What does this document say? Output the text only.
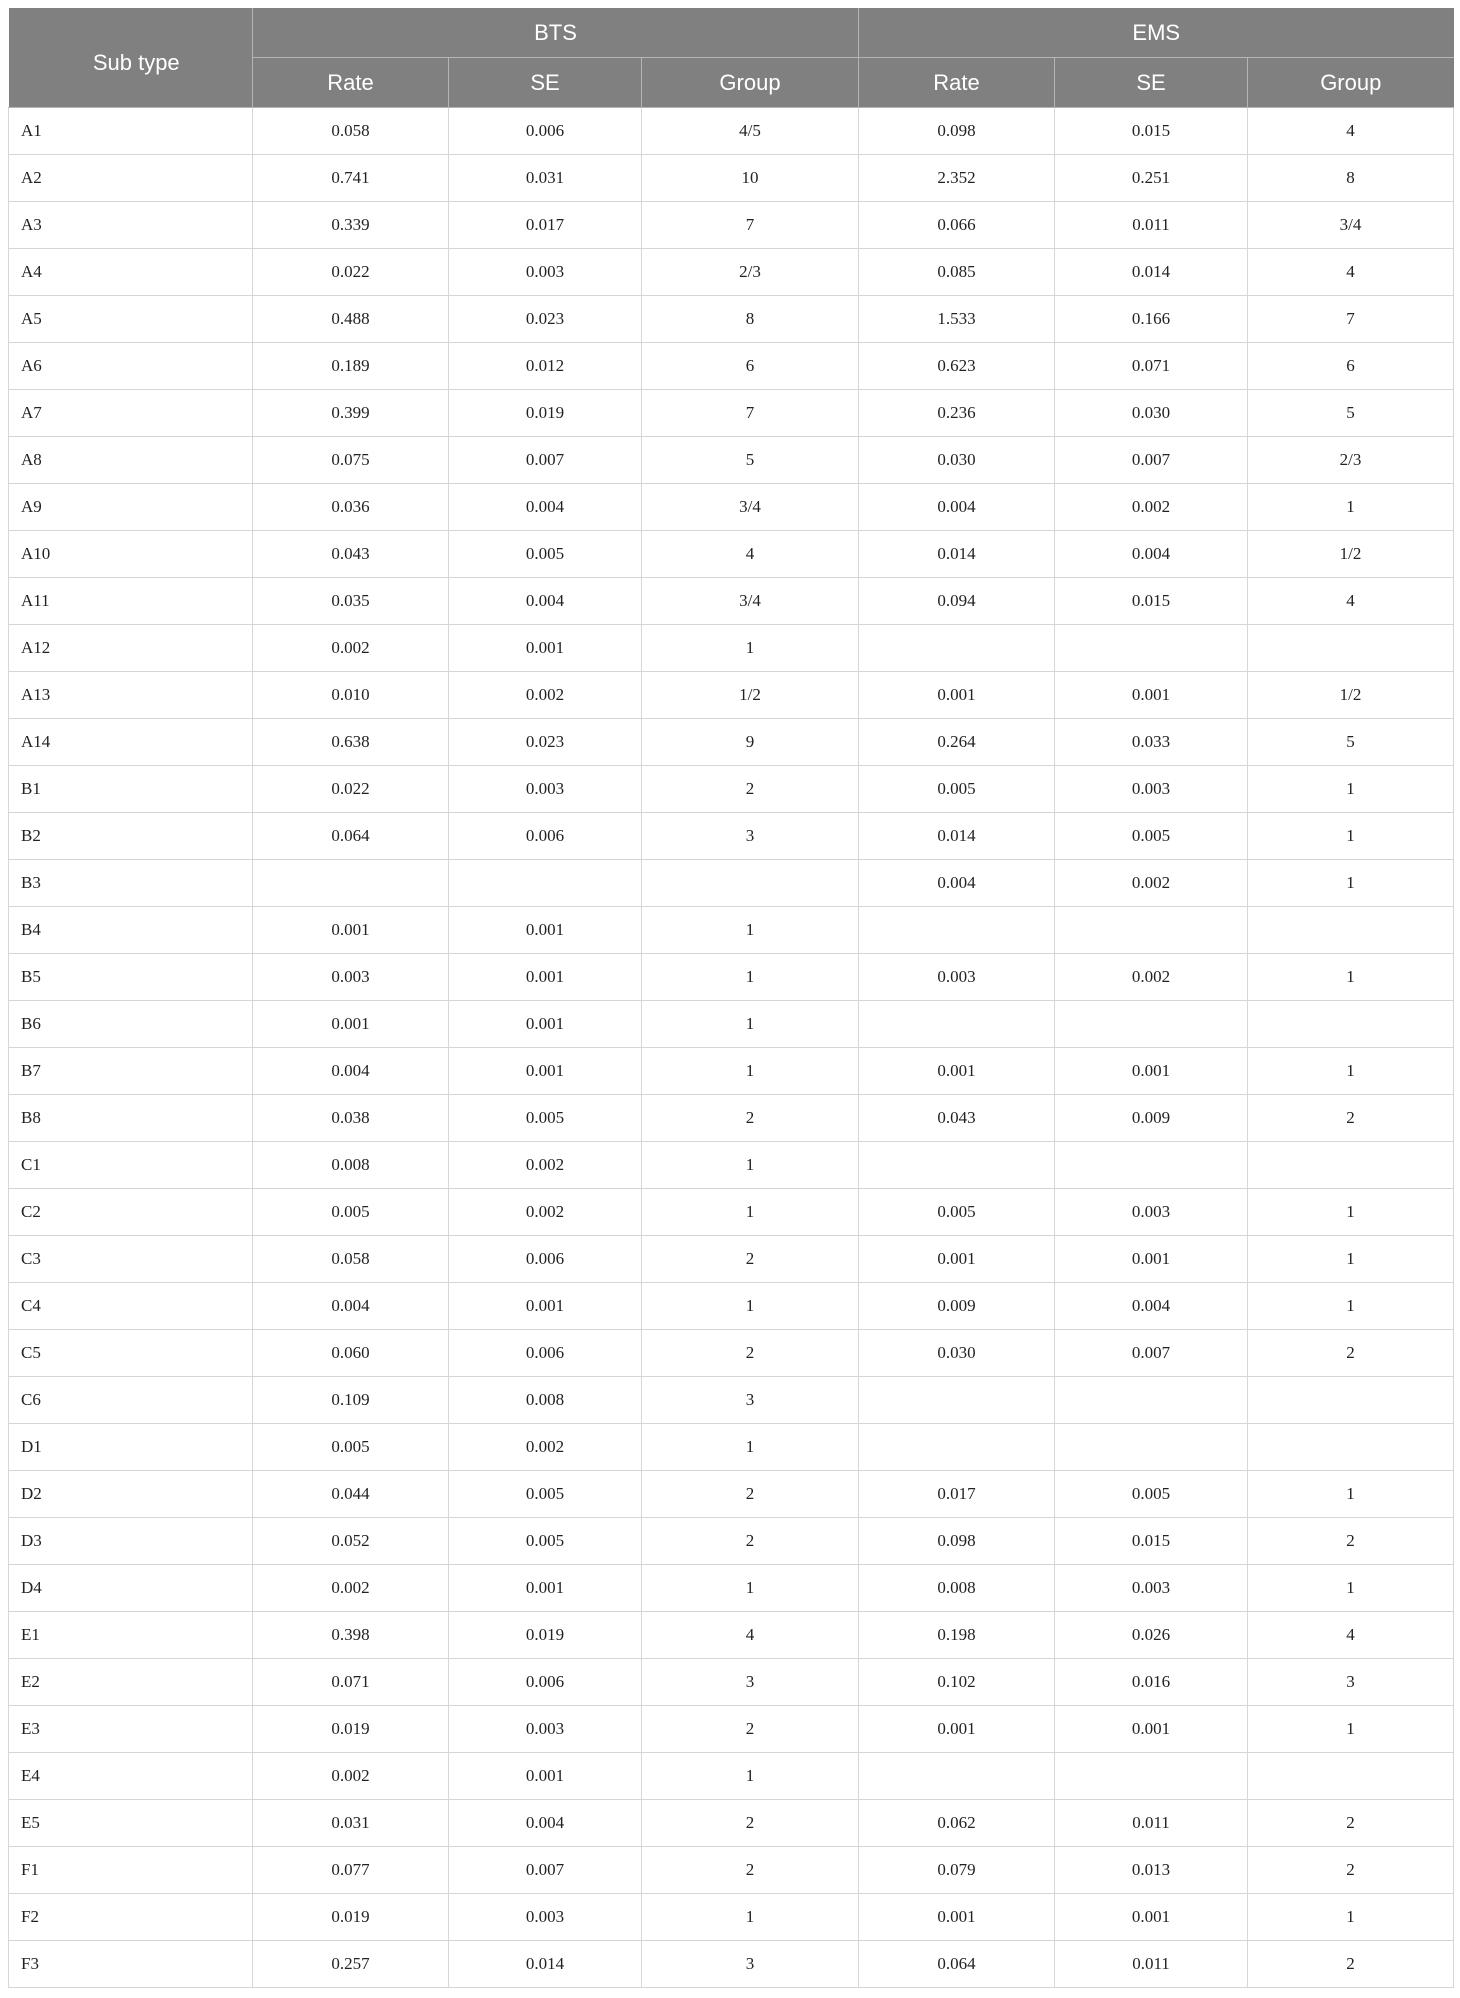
Sub type	BTS			EMS		
	Rate	SE	Group	Rate	SE	Group
A1	0.058	0.006	4/5	0.098	0.015	4
A2	0.741	0.031	10	2.352	0.251	8
A3	0.339	0.017	7	0.066	0.011	3/4
A4	0.022	0.003	2/3	0.085	0.014	4
A5	0.488	0.023	8	1.533	0.166	7
A6	0.189	0.012	6	0.623	0.071	6
A7	0.399	0.019	7	0.236	0.030	5
A8	0.075	0.007	5	0.030	0.007	2/3
A9	0.036	0.004	3/4	0.004	0.002	1
A10	0.043	0.005	4	0.014	0.004	1/2
A11	0.035	0.004	3/4	0.094	0.015	4
A12	0.002	0.001	1			
A13	0.010	0.002	1/2	0.001	0.001	1/2
A14	0.638	0.023	9	0.264	0.033	5
B1	0.022	0.003	2	0.005	0.003	1
B2	0.064	0.006	3	0.014	0.005	1
B3				0.004	0.002	1
B4	0.001	0.001	1			
B5	0.003	0.001	1	0.003	0.002	1
B6	0.001	0.001	1			
B7	0.004	0.001	1	0.001	0.001	1
B8	0.038	0.005	2	0.043	0.009	2
C1	0.008	0.002	1			
C2	0.005	0.002	1	0.005	0.003	1
C3	0.058	0.006	2	0.001	0.001	1
C4	0.004	0.001	1	0.009	0.004	1
C5	0.060	0.006	2	0.030	0.007	2
C6	0.109	0.008	3			
D1	0.005	0.002	1			
D2	0.044	0.005	2	0.017	0.005	1
D3	0.052	0.005	2	0.098	0.015	2
D4	0.002	0.001	1	0.008	0.003	1
E1	0.398	0.019	4	0.198	0.026	4
E2	0.071	0.006	3	0.102	0.016	3
E3	0.019	0.003	2	0.001	0.001	1
E4	0.002	0.001	1			
E5	0.031	0.004	2	0.062	0.011	2
F1	0.077	0.007	2	0.079	0.013	2
F2	0.019	0.003	1	0.001	0.001	1
F3	0.257	0.014	3	0.064	0.011	2
